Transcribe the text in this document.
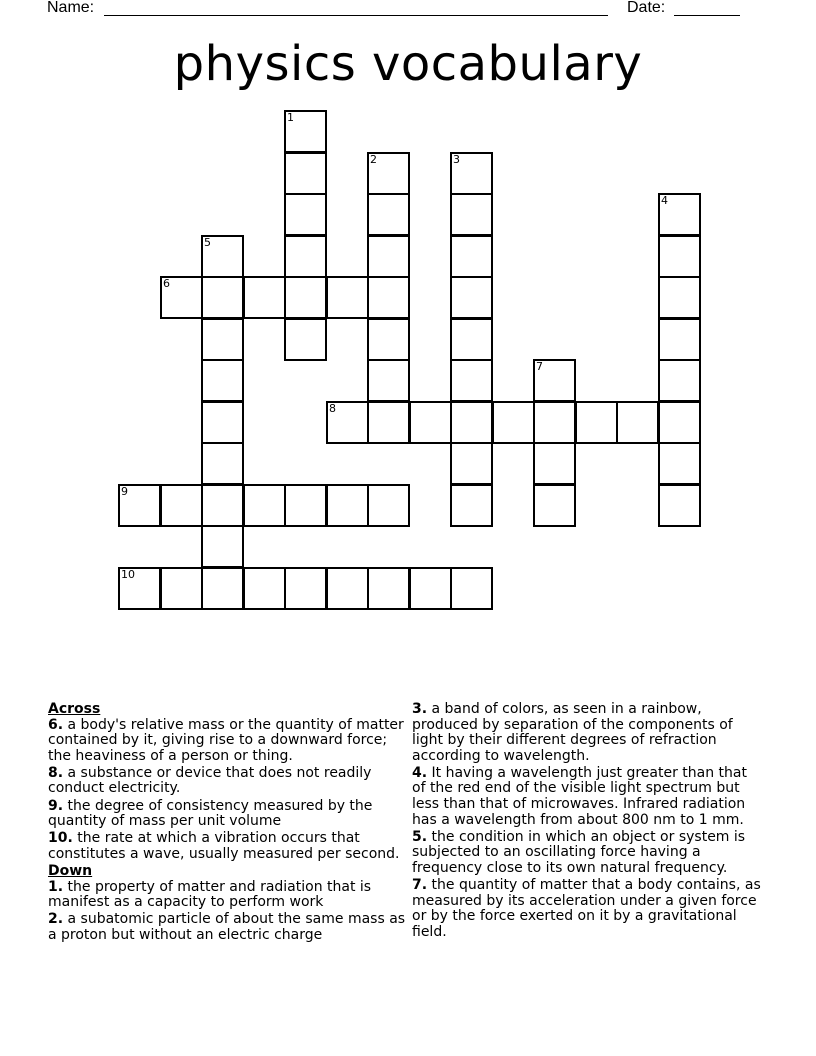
Name:	Date:
physics vocabulary
1
2	3
4
5
6
7
8
9
10
Across
6. a body's relative mass or the quantity of matter contained by it, giving rise to a downward force; the heaviness of a person or thing.
8. a substance or device that does not readily conduct electricity.
9. the degree of consistency measured by the quantity of mass per unit volume
10. the rate at which a vibration occurs that constitutes a wave, usually measured per second.
Down
1. the property of matter and radiation that is manifest as a capacity to perform work
2. a subatomic particle of about the same mass as a proton but without an electric charge
3. a band of colors, as seen in a rainbow, produced by separation of the components of light by their different degrees of refraction according to wavelength.
4. It having a wavelength just greater than that of the red end of the visible light spectrum but less than that of microwaves. Infrared radiation has a wavelength from about 800 nm to 1 mm.
5. the condition in which an object or system is subjected to an oscillating force having a frequency close to its own natural frequency.
7. the quantity of matter that a body contains, as measured by its acceleration under a given force or by the force exerted on it by a gravitational field.
